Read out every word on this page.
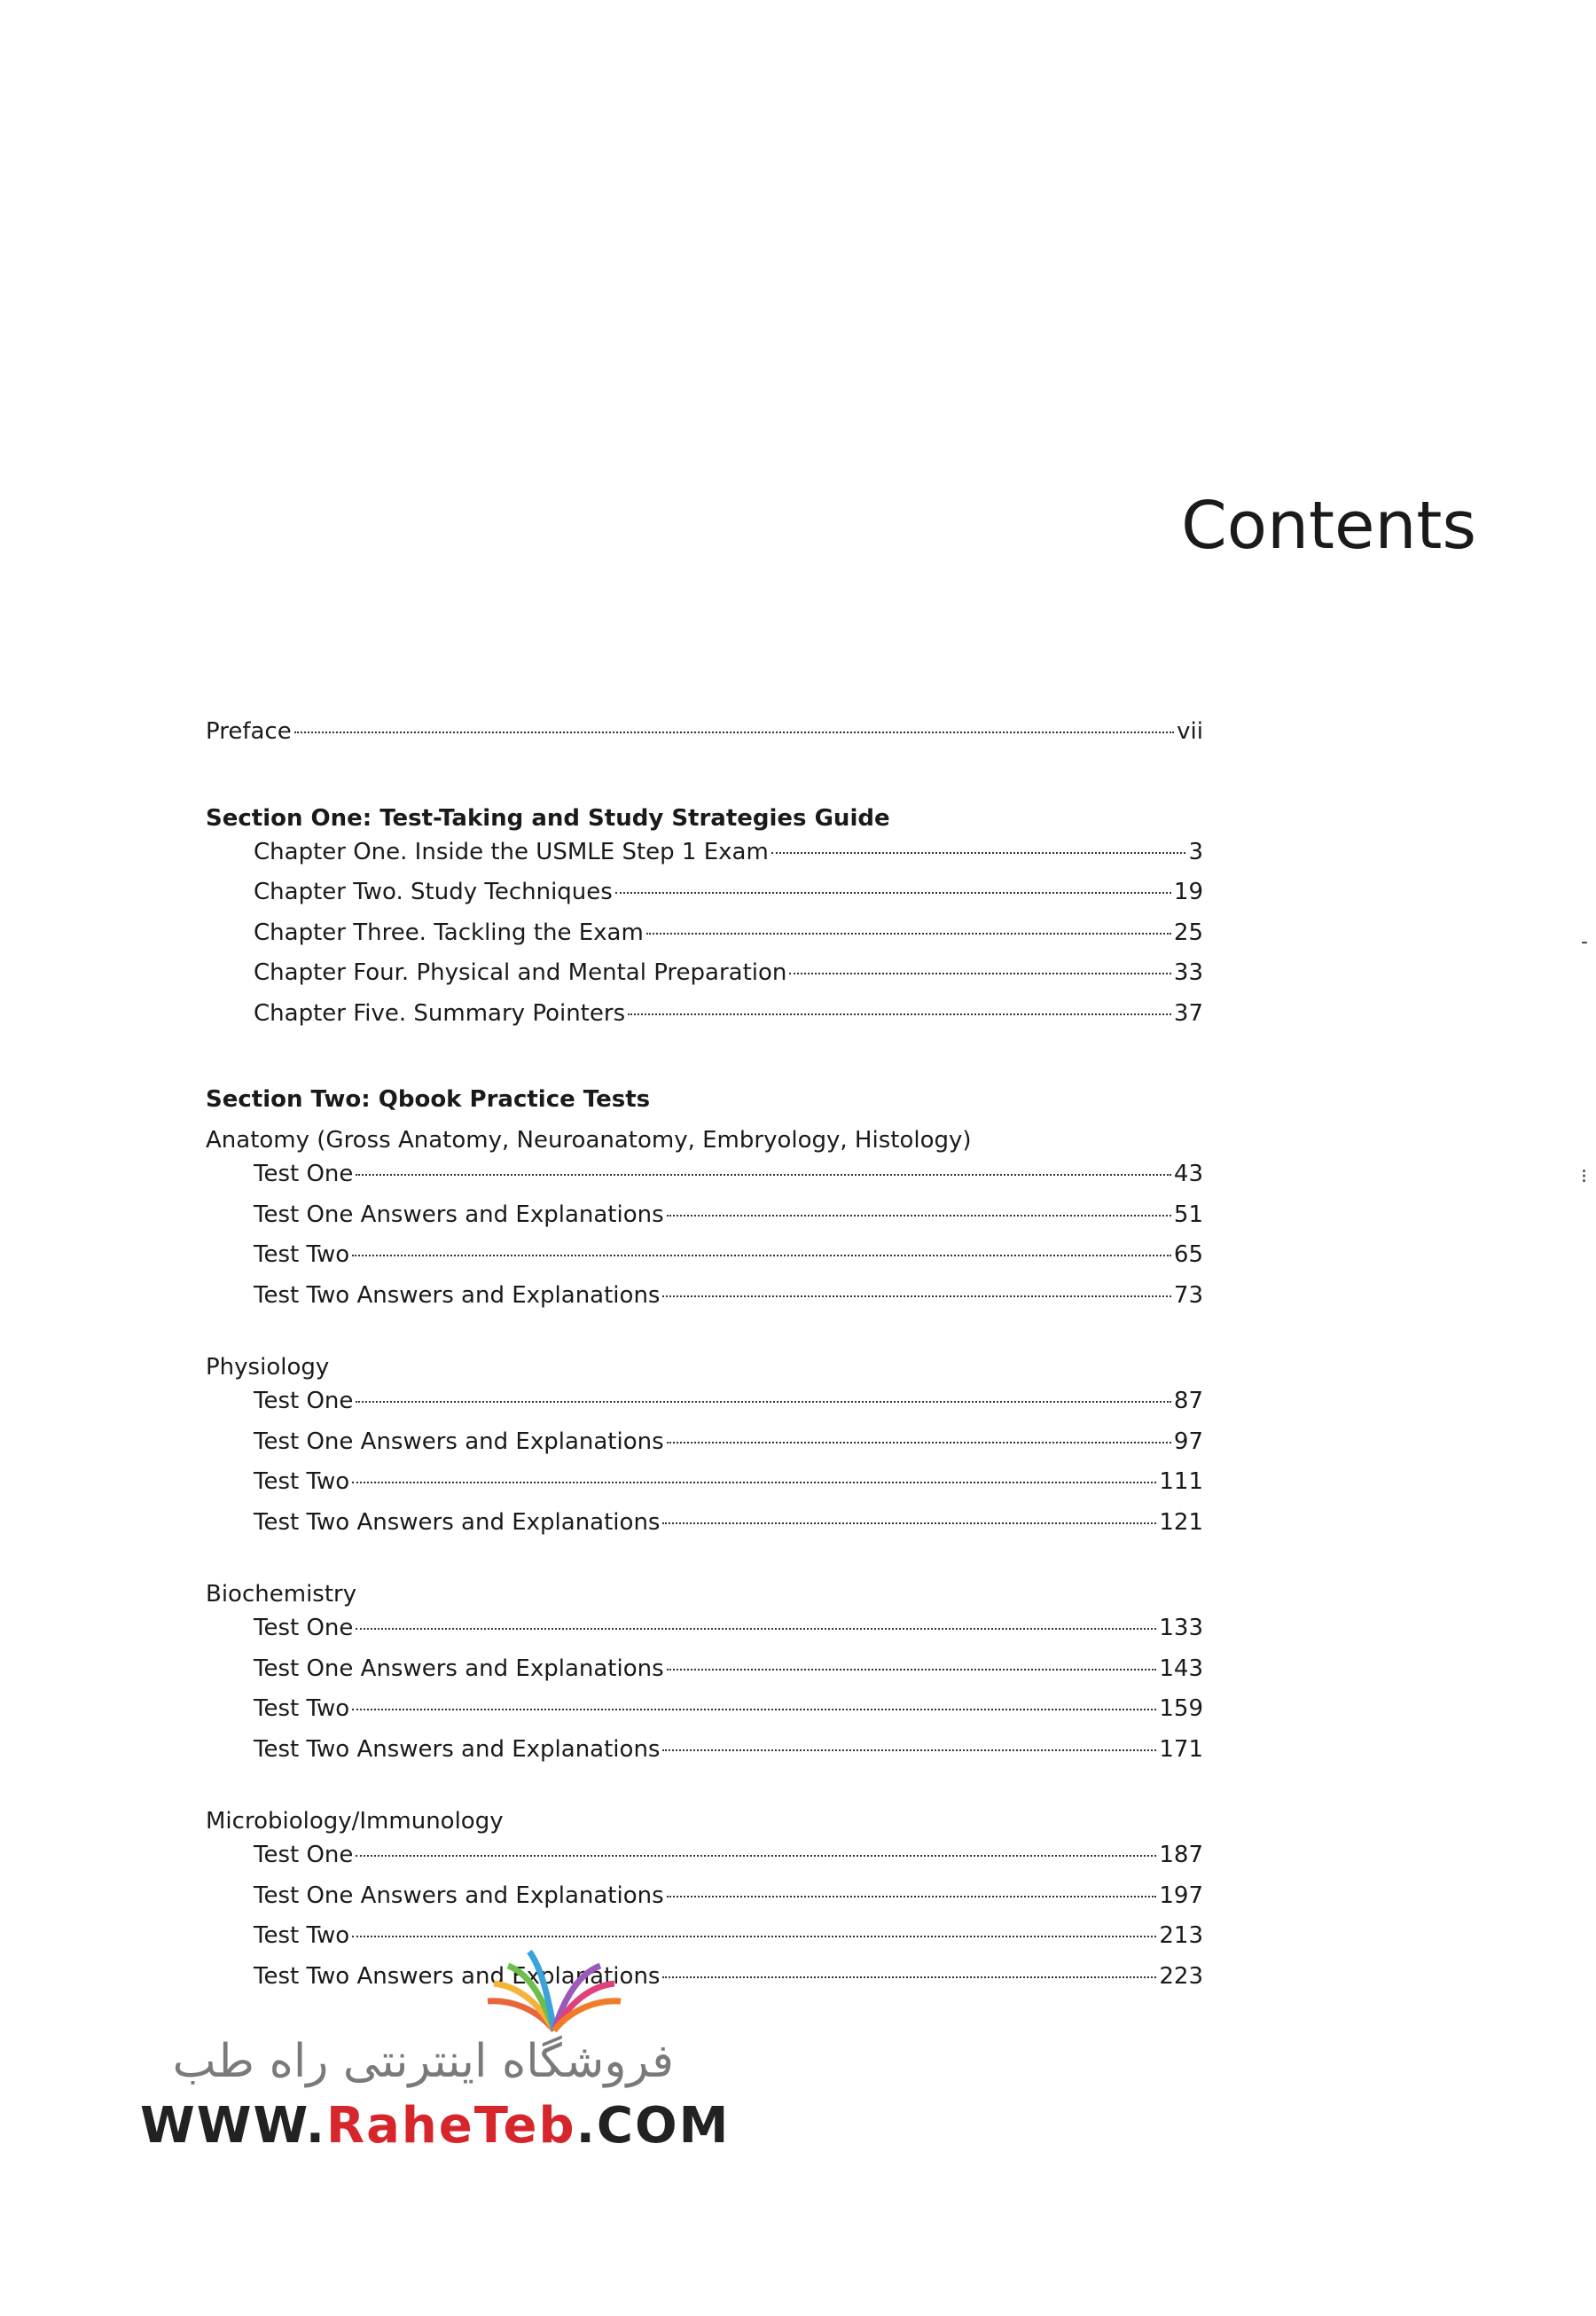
Contents
Preface	vii
Section One: Test-Taking and Study Strategies Guide
Chapter One. Inside the USMLE Step 1 Exam	3
Chapter Two. Study Techniques	19
Chapter Three. Tackling the Exam	25
Chapter Four. Physical and Mental Preparation	33
Chapter Five. Summary Pointers	37
Section Two: Qbook Practice Tests
Anatomy (Gross Anatomy, Neuroanatomy, Embryology, Histology)
Test One	43
Test One Answers and Explanations	51
Test Two	65
Test Two Answers and Explanations	73
Physiology
Test One	87
Test One Answers and Explanations	97
Test Two	111
Test Two Answers and Explanations	121
Biochemistry
Test One	133
Test One Answers and Explanations	143
Test Two	159
Test Two Answers and Explanations	171
Microbiology/Immunology
Test One	187
Test One Answers and Explanations	197
Test Two	213
Test Two Answers and Explanations	223
-
⁝
فروشگاه اینترنتی راه طب
WWW.RaheTeb.COM
